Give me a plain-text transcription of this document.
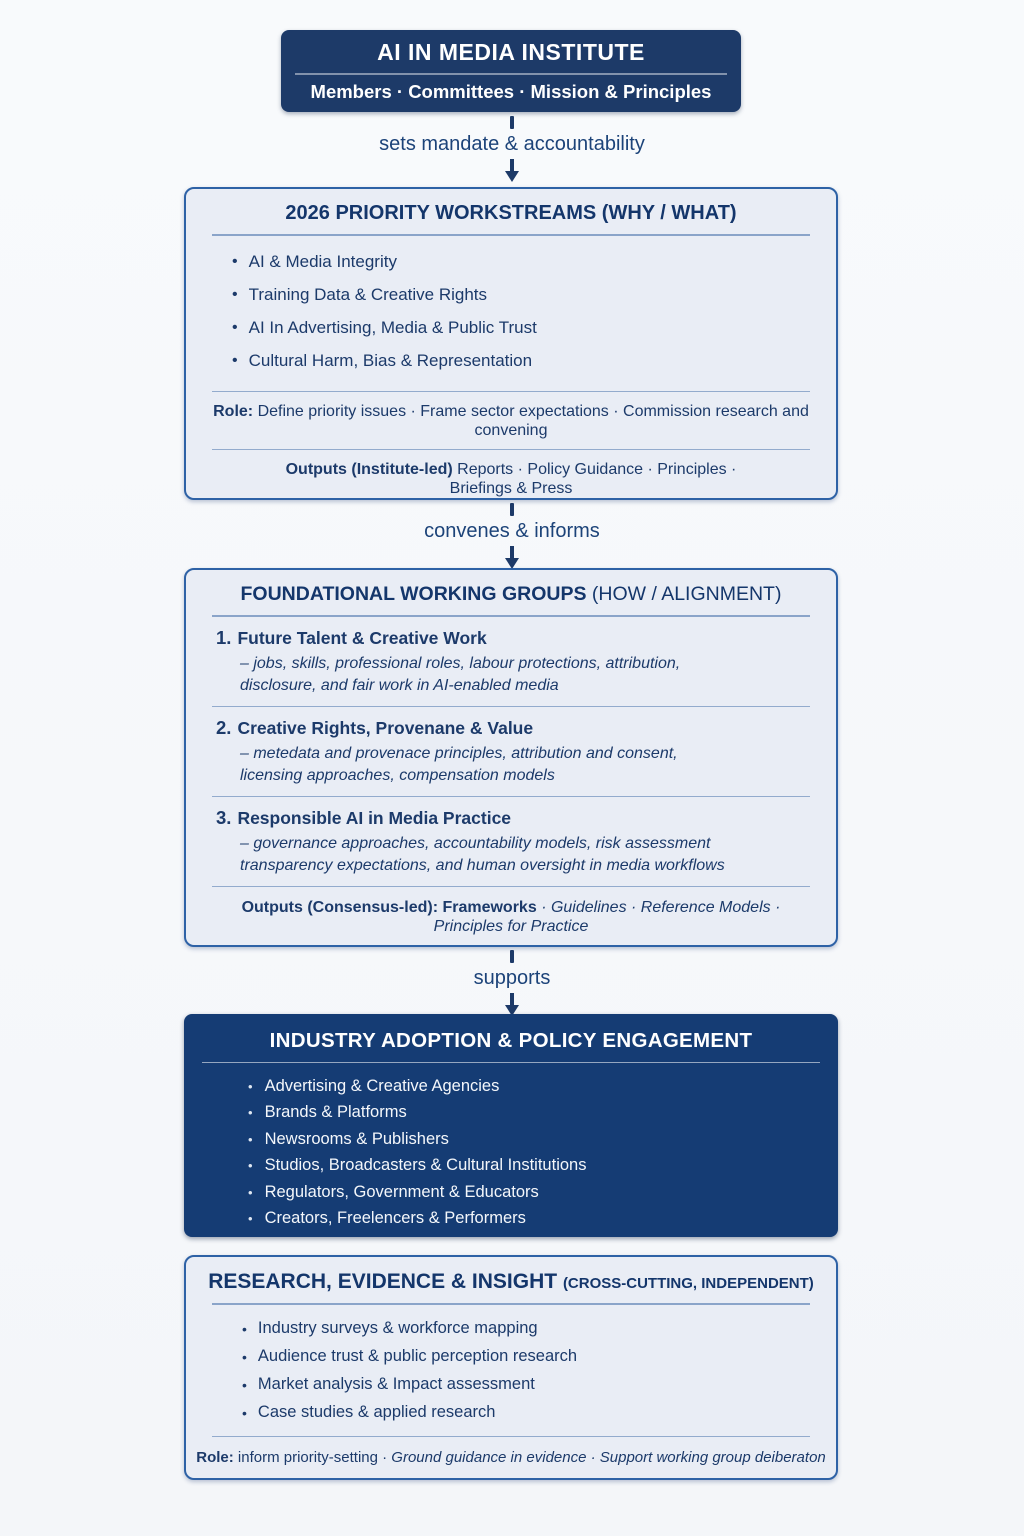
AI IN MEDIA INSTITUTE
Members · Committees · Mission & Principles
sets mandate & accountability
2026 PRIORITY WORKSTREAMS (WHY / WHAT)
• AI & Media Integrity
• Training Data & Creative Rights
• AI In Advertising, Media & Public Trust
• Cultural Harm, Bias & Representation
Role: Define priority issues · Frame sector expectations · Commission research and convening
Outputs (Institute-led) Reports · Policy Guidance · Principles · Briefings & Press
convenes & informs
FOUNDATIONAL WORKING GROUPS (HOW / ALIGNMENT)
1. Future Talent & Creative Work
– jobs, skills, professional roles, labour protections, attribution, disclosure, and fair work in AI-enabled media
2. Creative Rights, Provenane & Value
– metedata and provenace principles, attribution and consent, licensing approaches, compensation models
3. Responsible AI in Media Practice
– governance approaches, accountability models, risk assessment transparency expectations, and human oversight in media workflows
Outputs (Consensus-led): Frameworks · Guidelines · Reference Models · Principles for Practice
supports
INDUSTRY ADOPTION & POLICY ENGAGEMENT
• Advertising & Creative Agencies
• Brands & Platforms
• Newsrooms & Publishers
• Studios, Broadcasters & Cultural Institutions
• Regulators, Government & Educators
• Creators, Freelencers & Performers
RESEARCH, EVIDENCE & INSIGHT (CROSS-CUTTING, INDEPENDENT)
• Industry surveys & workforce mapping
• Audience trust & public perception research
• Market analysis & Impact assessment
• Case studies & applied research
Role: inform priority-setting · Ground guidance in evidence · Support working group deiberaton
